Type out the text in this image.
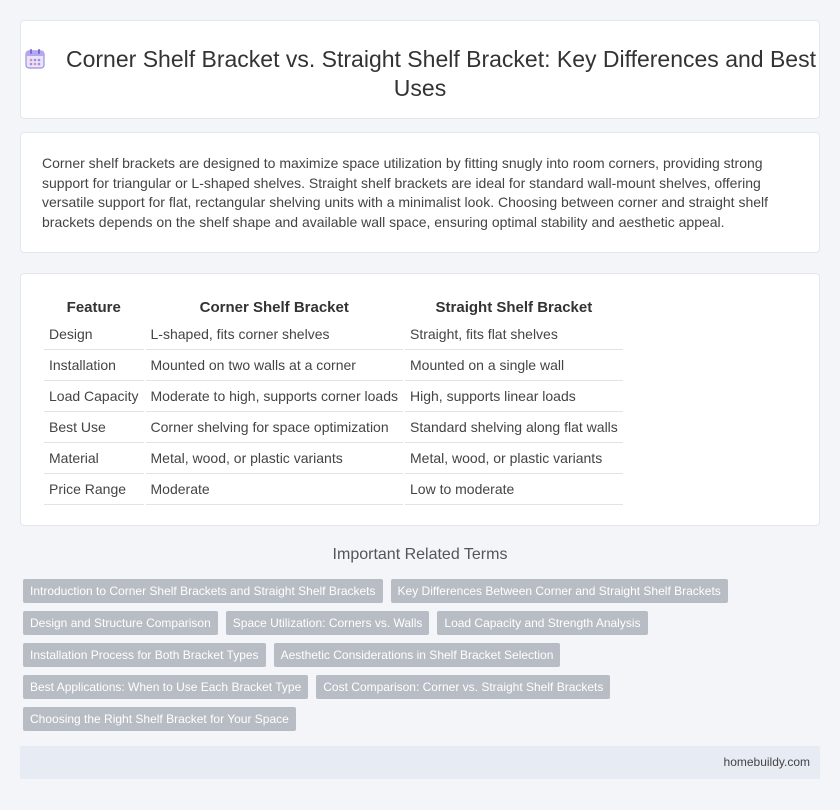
Corner Shelf Bracket vs. Straight Shelf Bracket: Key Differences and Best Uses

Corner shelf brackets are designed to maximize space utilization by fitting snugly into room corners, providing strong support for triangular or L-shaped shelves. Straight shelf brackets are ideal for standard wall-mount shelves, offering versatile support for flat, rectangular shelving units with a minimalist look. Choosing between corner and straight shelf brackets depends on the shelf shape and available wall space, ensuring optimal stability and aesthetic appeal.

Feature	Corner Shelf Bracket	Straight Shelf Bracket
Design	L-shaped, fits corner shelves	Straight, fits flat shelves
Installation	Mounted on two walls at a corner	Mounted on a single wall
Load Capacity	Moderate to high, supports corner loads	High, supports linear loads
Best Use	Corner shelving for space optimization	Standard shelving along flat walls
Material	Metal, wood, or plastic variants	Metal, wood, or plastic variants
Price Range	Moderate	Low to moderate
Important Related Terms
Introduction to Corner Shelf Brackets and Straight Shelf Brackets	Key Differences Between Corner and Straight Shelf Brackets
Design and Structure Comparison	Space Utilization: Corners vs. Walls	Load Capacity and Strength Analysis
Installation Process for Both Bracket Types	Aesthetic Considerations in Shelf Bracket Selection
Best Applications: When to Use Each Bracket Type	Cost Comparison: Corner vs. Straight Shelf Brackets
Choosing the Right Shelf Bracket for Your Space
homebuildy.com
